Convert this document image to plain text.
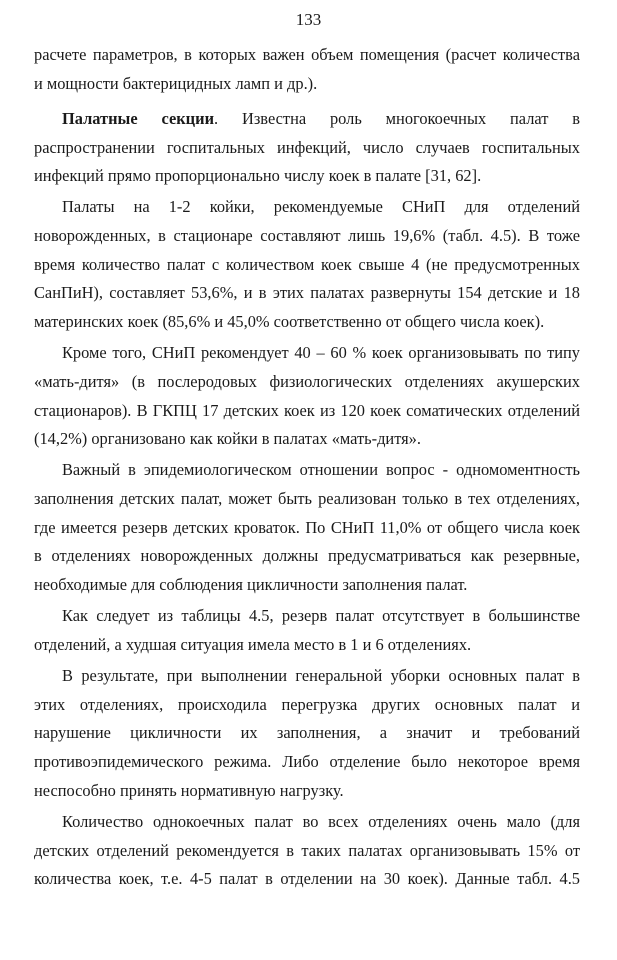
133
расчете параметров, в которых важен объем помещения (расчет количества
и мощности бактерицидных ламп и др.).
Палатные секции. Известна роль многокоечных палат в
распространении госпитальных инфекций, число случаев госпитальных
инфекций прямо пропорционально числу коек в палате [31, 62].
Палаты на 1-2 койки, рекомендуемые СНиП для отделений
новорожденных, в стационаре составляют лишь 19,6% (табл. 4.5). В тоже
время количество палат с количеством коек свыше 4 (не предусмотренных
СанПиН), составляет 53,6%, и в этих палатах развернуты 154 детские и 18
материнских коек (85,6% и 45,0% соответственно от общего числа коек).
Кроме того, СНиП рекомендует 40 – 60 % коек организовывать по типу
«мать-дитя» (в послеродовых физиологических отделениях акушерских
стационаров). В ГКПЦ 17 детских коек из 120 коек соматических отделений
(14,2%) организовано как койки в палатах «мать-дитя».
Важный в эпидемиологическом отношении вопрос - одномоментность
заполнения детских палат, может быть реализован только в тех отделениях,
где имеется резерв детских кроваток. По СНиП 11,0% от общего числа коек
в отделениях новорожденных должны предусматриваться как резервные,
необходимые для соблюдения цикличности заполнения палат.
Как следует из таблицы 4.5, резерв палат отсутствует в большинстве
отделений, а худшая ситуация имела место в 1 и 6 отделениях.
В результате, при выполнении генеральной уборки основных палат в
этих отделениях, происходила перегрузка других основных палат и
нарушение цикличности их заполнения, а значит и требований
противоэпидемического режима. Либо отделение было некоторое время
неспособно принять нормативную нагрузку.
Количество однокоечных палат во всех отделениях очень мало (для
детских отделений рекомендуется в таких палатах организовывать 15% от
количества коек, т.е. 4-5 палат в отделении на 30 коек). Данные табл. 4.5
